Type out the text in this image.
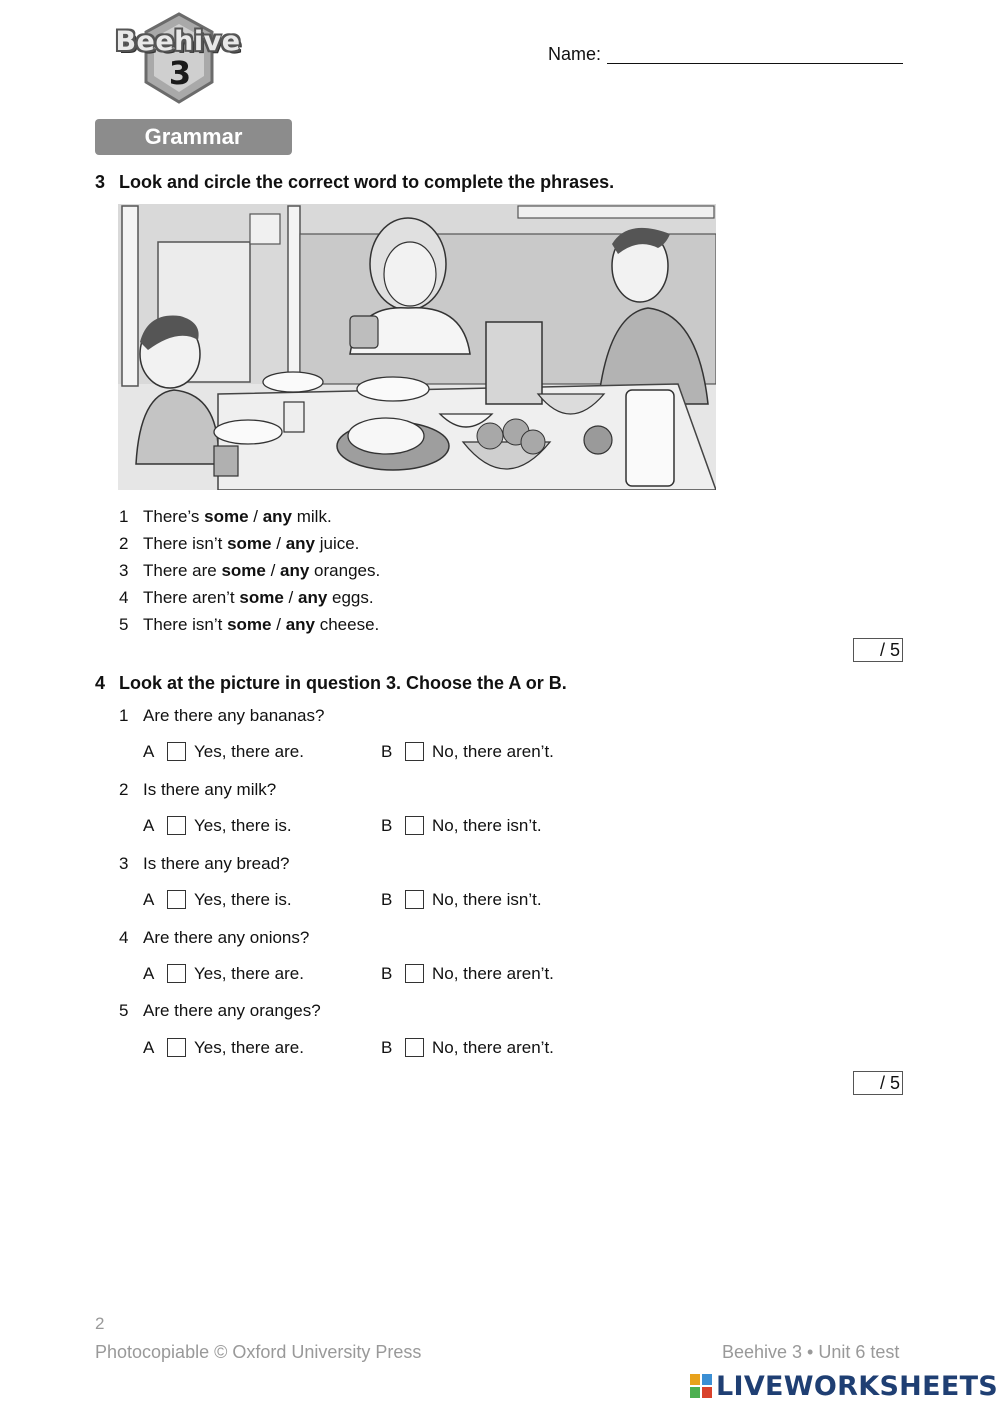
Beehive
3	Name:
Grammar
3 Look and circle the correct word to complete the phrases.
1 There’s some / any milk.
2 There isn’t some / any juice.
3 There are some / any oranges.
4 There aren’t some / any eggs.
5 There isn’t some / any cheese.
/ 5
4 Look at the picture in question 3. Choose the A or B.
1 Are there any bananas?
A Yes, there are.	B No, there aren’t.
2 Is there any milk?
A Yes, there is.	B No, there isn’t.
3 Is there any bread?
A Yes, there is.	B No, there isn’t.
4 Are there any onions?
A Yes, there are.	B No, there aren’t.
5 Are there any oranges?
A Yes, there are.	B No, there aren’t.
/ 5
2
Photocopiable © Oxford University Press	Beehive 3 • Unit 6 test
LIVEWORKSHEETS
